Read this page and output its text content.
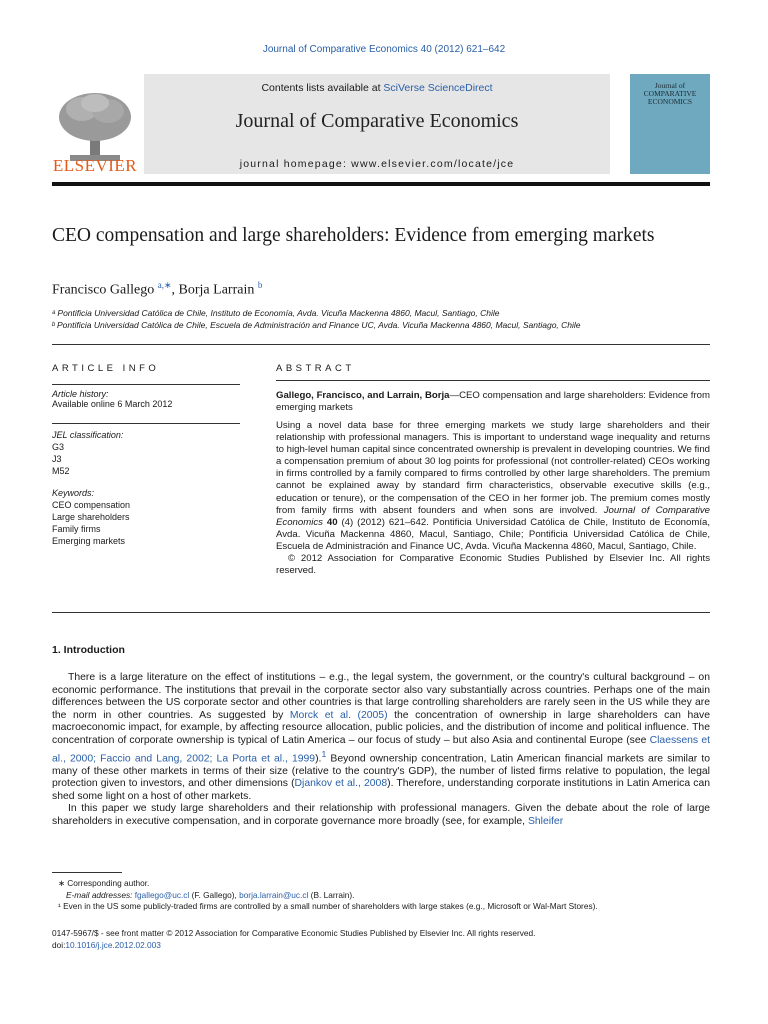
Journal of Comparative Economics 40 (2012) 621–642
ELSEVIER
Contents lists available at SciVerse ScienceDirect
Journal of Comparative Economics
journal homepage: www.elsevier.com/locate/jce
Journal of COMPARATIVE ECONOMICS
CEO compensation and large shareholders: Evidence from emerging markets
Francisco Gallego $^{a,∗}$, Borja Larrain $^b$
ᵃ Pontificia Universidad Católica de Chile, Instituto de Economía, Avda. Vicuña Mackenna 4860, Macul, Santiago, Chile
ᵇ Pontificia Universidad Católica de Chile, Escuela de Administración and Finance UC, Avda. Vicuña Mackenna 4860, Macul, Santiago, Chile
ARTICLE INFO	ABSTRACT
Article history:
Available online 6 March 2012
JEL classification:
G3
J3
M52
Keywords:
CEO compensation
Large shareholders
Family firms
Emerging markets
Gallego, Francisco, and Larrain, Borja—CEO compensation and large shareholders: Evidence from emerging markets
Using a novel data base for three emerging markets we study large shareholders and their relationship with professional managers. This is important to understand wage inequality and returns to high-level human capital since concentrated ownership is prevalent in developing countries. We find a compensation premium of about 30 log points for professional (not controller-related) CEOs working in firms controlled by a family compared to firms controlled by other large shareholders. The premium cannot be explained away by standard firm characteristics, observable executive skills (e.g., education or tenure), or the compensation of the CEO in her former job. The premium comes mostly from family firms with absent founders and when sons are involved. Journal of Comparative Economics 40 (4) (2012) 621–642. Pontificia Universidad Católica de Chile, Instituto de Economía, Avda. Vicuña Mackenna 4860, Macul, Santiago, Chile; Pontificia Universidad Católica de Chile, Escuela de Administración and Finance UC, Avda. Vicuña Mackenna 4860, Macul, Santiago, Chile.
© 2012 Association for Comparative Economic Studies Published by Elsevier Inc. All rights reserved.
1. Introduction

There is a large literature on the effect of institutions – e.g., the legal system, the government, or the country's cultural background – on economic performance. The institutions that prevail in the corporate sector also vary substantially across countries. Perhaps one of the main differences between the US corporate sector and other countries is that large controlling shareholders are rarely seen in the US while they are the norm in other countries. As suggested by Morck et al. (2005) the concentration of ownership in large shareholders can have macroeconomic impact, for example, by affecting resource allocation, public policies, and the distribution of income and political influence. The concentration of corporate ownership is typical of Latin America – our focus of study – but also Asia and continental Europe (see Claessens et al., 2000; Faccio and Lang, 2002; La Porta et al., 1999).$^1$ Beyond ownership concentration, Latin American financial markets are similar to many of these other markets in terms of their size (relative to the country's GDP), the number of listed firms relative to population, the legal protection given to investors, and other dimensions (Djankov et al., 2008). Therefore, understanding corporate institutions in Latin America can shed some light on a host of other markets.

In this paper we study large shareholders and their relationship with professional managers. Given the debate about the role of large shareholders in executive compensation, and in corporate governance more broadly (see, for example, Shleifer

∗ Corresponding author.
E-mail addresses: fgallego@uc.cl (F. Gallego), borja.larrain@uc.cl (B. Larrain).
¹ Even in the US some publicly-traded firms are controlled by a small number of shareholders with large stakes (e.g., Microsoft or Wal-Mart Stores).
0147-5967/$ - see front matter © 2012 Association for Comparative Economic Studies Published by Elsevier Inc. All rights reserved.
doi:10.1016/j.jce.2012.02.003
